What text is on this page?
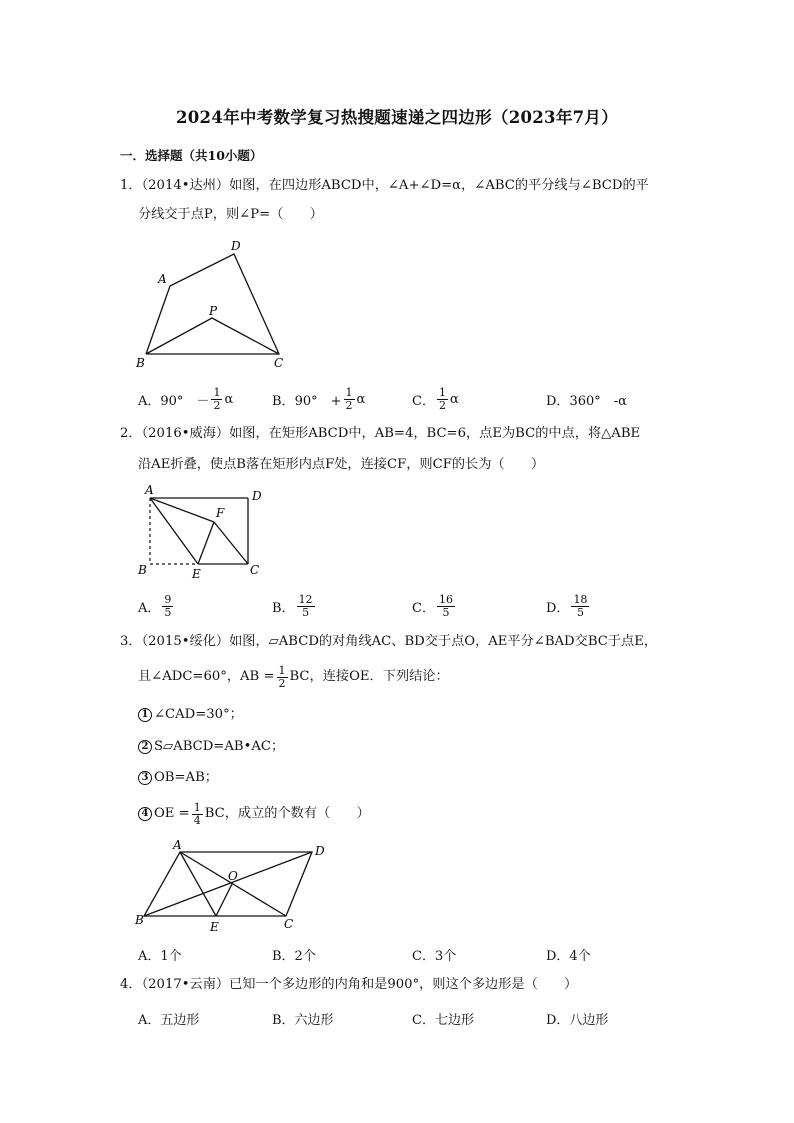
2024年中考数学复习热搜题速递之四边形（2023年7月）
一．选择题（共10小题）
1．（2014•达州）如图，在四边形ABCD中，∠A+∠D=α，∠ABC的平分线与∠BCD的平
分线交于点P，则∠P=（　　）
D
A
P
B	C
A． 90°　－ $\frac{1}{2}$ α	B． 90°　+ $\frac{1}{2}$ α	C． $\frac{1}{2}$ α	D． 360°　-α
2．（2016•威海）如图，在矩形ABCD中，AB=4，BC=6，点E为BC的中点，将△ABE
沿AE折叠，使点B落在矩形内点F处，连接CF，则CF的长为（　　）
A	D
F
B	E	C
A． $\frac{9}{5}$	B． $\frac{12}{5}$	C． $\frac{16}{5}$	D． $\frac{18}{5}$
3．（2015•绥化）如图，▱ABCD的对角线AC、BD交于点O，AE平分∠BAD交BC于点E，
且∠ADC=60°，AB = $\frac{1}{2}$ BC，连接OE．下列结论：
1 ∠CAD=30°；
2 S▱ABCD=AB•AC；
3 OB=AB；
4 OE = $\frac{1}{4}$ BC，成立的个数有（　　）
A	D
O
B	E	C
A．1个	B．2个	C．3个	D．4个
4．（2017•云南）已知一个多边形的内角和是900°，则这个多边形是（　　）
A．五边形	B．六边形	C．七边形	D．八边形
